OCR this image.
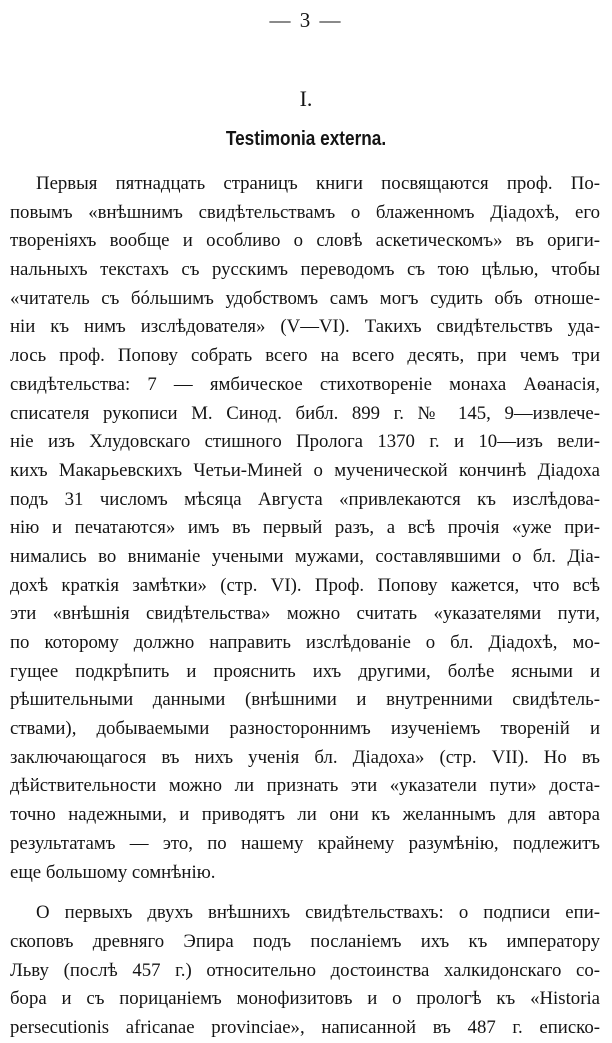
— 3 —
I.
Testimonia externa.
Первыя пятнадцать страницъ книги посвящаются проф. По-
повымъ «внѣшнимъ свидѣтельствамъ о блаженномъ Діадохѣ, его
твореніяхъ вообще и особливо о словѣ аскетическомъ» въ ориги-
нальныхъ текстахъ съ русскимъ переводомъ съ тою цѣлью, чтобы
«читатель съ бóльшимъ удобствомъ самъ могъ судить объ отноше-
ніи къ нимъ изслѣдователя» (V—VI). Такихъ свидѣтельствъ уда-
лось проф. Попову собрать всего на всего десять, при чемъ три
свидѣтельства: 7 — ямбическое стихотвореніе монаха Аѳанасія,
списателя рукописи М. Синод. библ. 899 г. № 145, 9—извлече-
ніе изъ Хлудовскаго стишного Пролога 1370 г. и 10—изъ вели-
кихъ Макарьевскихъ Четьи-Миней о мученической кончинѣ Діадоха
подъ 31 числомъ мѣсяца Августа «привлекаются къ изслѣдова-
нію и печатаются» имъ въ первый разъ, а всѣ прочія «уже при-
нимались во вниманіе учеными мужами, составлявшими о бл. Діа-
дохѣ краткія замѣтки» (стр. VI). Проф. Попову кажется, что всѣ
эти «внѣшнія свидѣтельства» можно считать «указателями пути,
по которому должно направить изслѣдованіе о бл. Діадохѣ, мо-
гущее подкрѣпить и прояснить ихъ другими, болѣе ясными и
рѣшительными данными (внѣшними и внутренними свидѣтель-
ствами), добываемыми разностороннимъ изученіемъ твореній и
заключающагося въ нихъ ученія бл. Діадоха» (стр. VII). Но въ
дѣйствительности можно ли признать эти «указатели пути» доста-
точно надежными, и приводятъ ли они къ желаннымъ для автора
результатамъ — это, по нашему крайнему разумѣнію, подлежитъ
еще большому сомнѣнію.
О первыхъ двухъ внѣшнихъ свидѣтельствахъ: о подписи епи-
скоповъ древняго Эпира подъ посланіемъ ихъ къ императору
Льву (послѣ 457 г.) относительно достоинства халкидонскаго со-
бора и съ порицаніемъ монофизитовъ и о прологѣ къ «Historia
persecutionis africanae provinciae», написанной въ 487 г. еписко-
